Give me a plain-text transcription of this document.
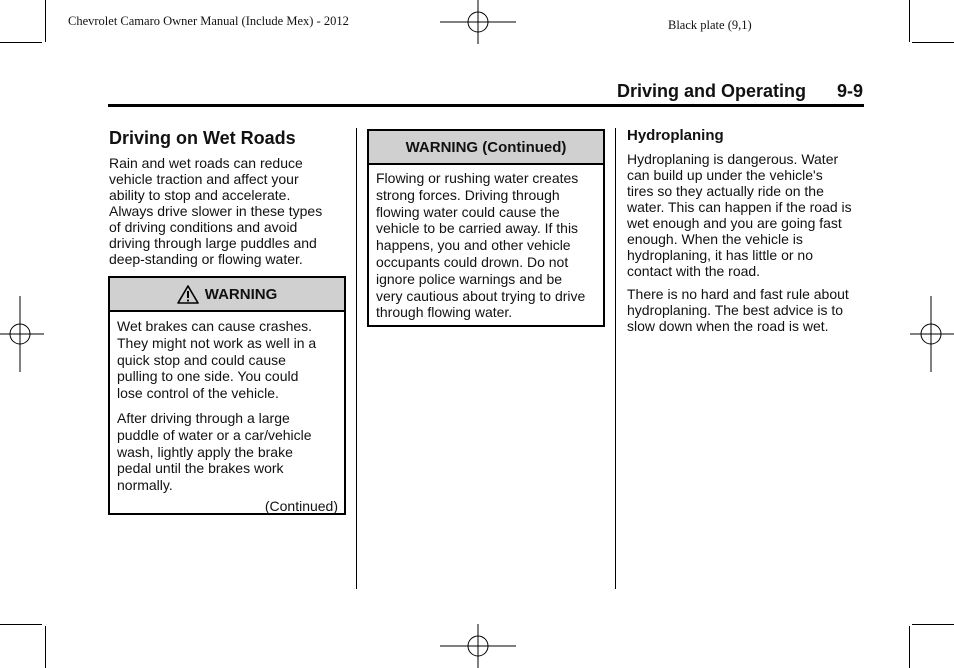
Chevrolet Camaro Owner Manual (Include Mex) - 2012	Black plate (9,1)
Driving and Operating 9-9
Driving on Wet Roads

Rain and wet roads can reduce
vehicle traction and affect your
ability to stop and accelerate.
Always drive slower in these types
of driving conditions and avoid
driving through large puddles and
deep-standing or flowing water.

WARNING

Wet brakes can cause crashes.
They might not work as well in a
quick stop and could cause
pulling to one side. You could
lose control of the vehicle.

After driving through a large
puddle of water or a car/vehicle
wash, lightly apply the brake
pedal until the brakes work
normally.

(Continued)
WARNING (Continued)

Flowing or rushing water creates
strong forces. Driving through
flowing water could cause the
vehicle to be carried away. If this
happens, you and other vehicle
occupants could drown. Do not
ignore police warnings and be
very cautious about trying to drive
through flowing water.

Hydroplaning

Hydroplaning is dangerous. Water
can build up under the vehicle's
tires so they actually ride on the
water. This can happen if the road is
wet enough and you are going fast
enough. When the vehicle is
hydroplaning, it has little or no
contact with the road.

There is no hard and fast rule about
hydroplaning. The best advice is to
slow down when the road is wet.
